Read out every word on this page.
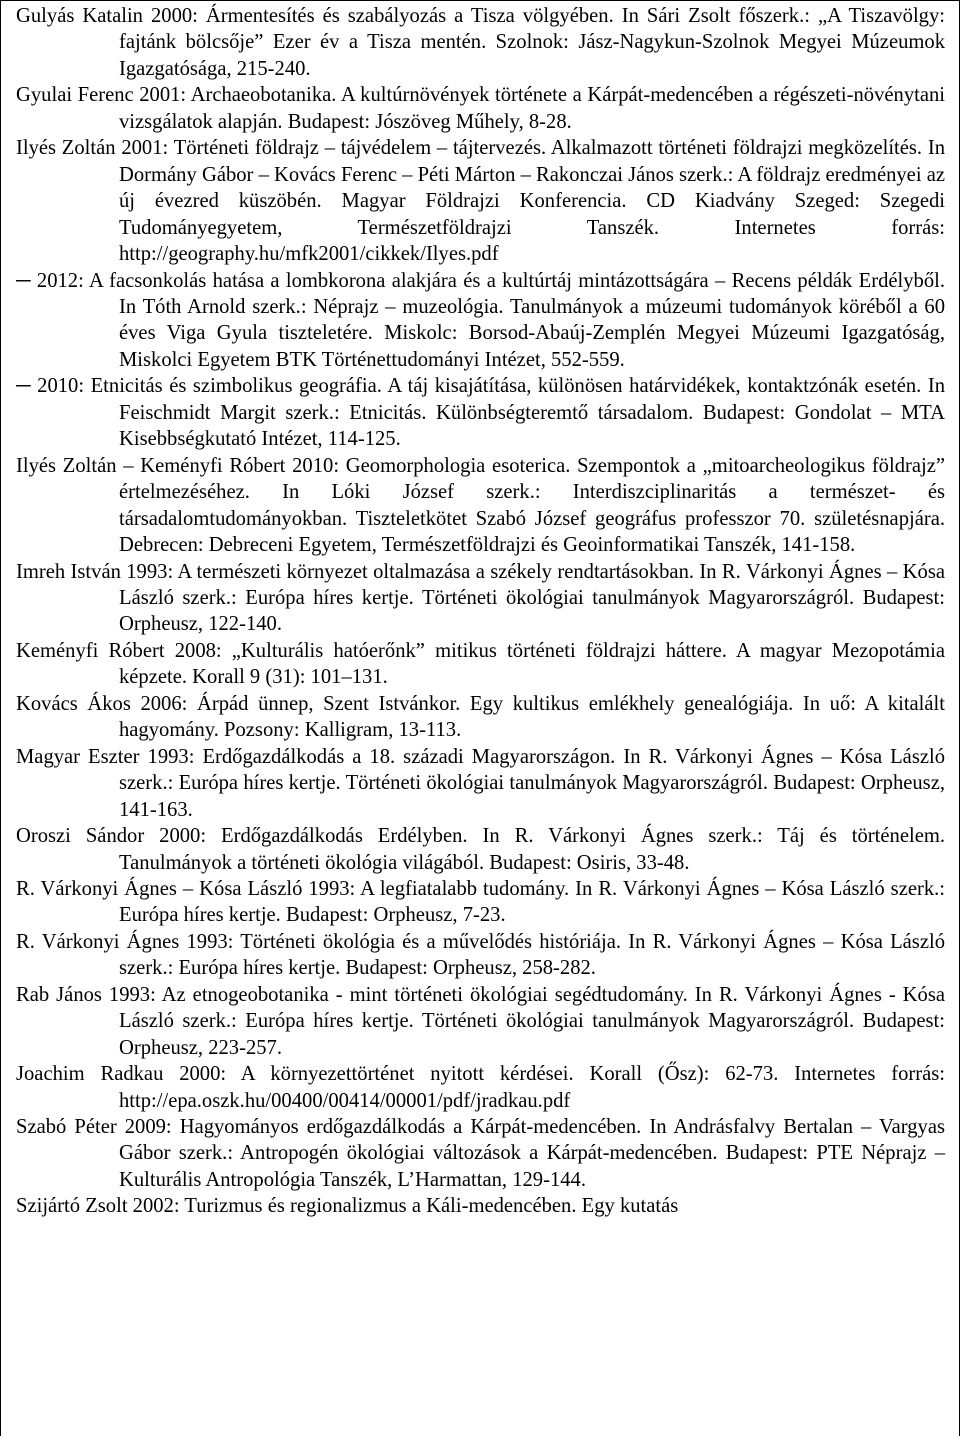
Gulyás Katalin 2000: Ármentesítés és szabályozás a Tisza völgyében. In Sári Zsolt főszerk.: „A Tiszavölgy: fajtánk bölcsője” Ezer év a Tisza mentén. Szolnok: Jász-Nagykun-Szolnok Megyei Múzeumok Igazgatósága, 215-240.

Gyulai Ferenc 2001: Archaeobotanika. A kultúrnövények története a Kárpát-medencében a régészeti-növénytani vizsgálatok alapján. Budapest: Jószöveg Műhely, 8-28.

Ilyés Zoltán 2001: Történeti földrajz – tájvédelem – tájtervezés. Alkalmazott történeti földrajzi megközelítés. In Dormány Gábor – Kovács Ferenc – Péti Márton – Rakonczai János szerk.: A földrajz eredményei az új évezred küszöbén. Magyar Földrajzi Konferencia. CD Kiadvány Szeged: Szegedi Tudományegyetem, Természetföldrajzi Tanszék. Internetes forrás: http://geography.hu/mfk2001/cikkek/Ilyes.pdf

─ 2012: A facsonkolás hatása a lombkorona alakjára és a kultúrtáj mintázottságára – Recens példák Erdélyből. In Tóth Arnold szerk.: Néprajz – muzeológia. Tanulmányok a múzeumi tudományok köréből a 60 éves Viga Gyula tiszteletére. Miskolc: Borsod-Abaúj-Zemplén Megyei Múzeumi Igazgatóság, Miskolci Egyetem BTK Történettudományi Intézet, 552-559.

─ 2010: Etnicitás és szimbolikus geográfia. A táj kisajátítása, különösen határvidékek, kontaktzónák esetén. In Feischmidt Margit szerk.: Etnicitás. Különbségteremtő társadalom. Budapest: Gondolat – MTA Kisebbségkutató Intézet, 114-125.

Ilyés Zoltán – Keményfi Róbert 2010: Geomorphologia esoterica. Szempontok a „mitoarcheologikus földrajz” értelmezéséhez. In Lóki József szerk.: Interdiszciplinaritás a természet- és társadalomtudományokban. Tiszteletkötet Szabó József geográfus professzor 70. születésnapjára. Debrecen: Debreceni Egyetem, Természetföldrajzi és Geoinformatikai Tanszék, 141-158.

Imreh István 1993: A természeti környezet oltalmazása a székely rendtartásokban. In R. Várkonyi Ágnes – Kósa László szerk.: Európa híres kertje. Történeti ökológiai tanulmányok Magyarországról. Budapest: Orpheusz, 122-140.

Keményfi Róbert 2008: „Kulturális hatóerőnk” mitikus történeti földrajzi háttere. A magyar Mezopotámia képzete. Korall 9 (31): 101–131.

Kovács Ákos 2006: Árpád ünnep, Szent Istvánkor. Egy kultikus emlékhely genealógiája. In uő: A kitalált hagyomány. Pozsony: Kalligram, 13-113.

Magyar Eszter 1993: Erdőgazdálkodás a 18. századi Magyarországon. In R. Várkonyi Ágnes – Kósa László szerk.: Európa híres kertje. Történeti ökológiai tanulmányok Magyarországról. Budapest: Orpheusz, 141-163.

Oroszi Sándor 2000: Erdőgazdálkodás Erdélyben. In R. Várkonyi Ágnes szerk.: Táj és történelem. Tanulmányok a történeti ökológia világából. Budapest: Osiris, 33-48.

R. Várkonyi Ágnes – Kósa László 1993: A legfiatalabb tudomány. In R. Várkonyi Ágnes – Kósa László szerk.: Európa híres kertje. Budapest: Orpheusz, 7-23.

R. Várkonyi Ágnes 1993: Történeti ökológia és a művelődés históriája. In R. Várkonyi Ágnes – Kósa László szerk.: Európa híres kertje. Budapest: Orpheusz, 258-282.

Rab János 1993: Az etnogeobotanika - mint történeti ökológiai segédtudomány. In R. Várkonyi Ágnes - Kósa László szerk.: Európa híres kertje. Történeti ökológiai tanulmányok Magyarországról. Budapest: Orpheusz, 223-257.

Joachim Radkau 2000: A környezettörténet nyitott kérdései. Korall (Ősz): 62-73. Internetes forrás: http://epa.oszk.hu/00400/00414/00001/pdf/jradkau.pdf

Szabó Péter 2009: Hagyományos erdőgazdálkodás a Kárpát-medencében. In Andrásfalvy Bertalan – Vargyas Gábor szerk.: Antropogén ökológiai változások a Kárpát-medencében. Budapest: PTE Néprajz – Kulturális Antropológia Tanszék, L’Harmattan, 129-144.

Szijártó Zsolt 2002: Turizmus és regionalizmus a Káli-medencében. Egy kutatás
